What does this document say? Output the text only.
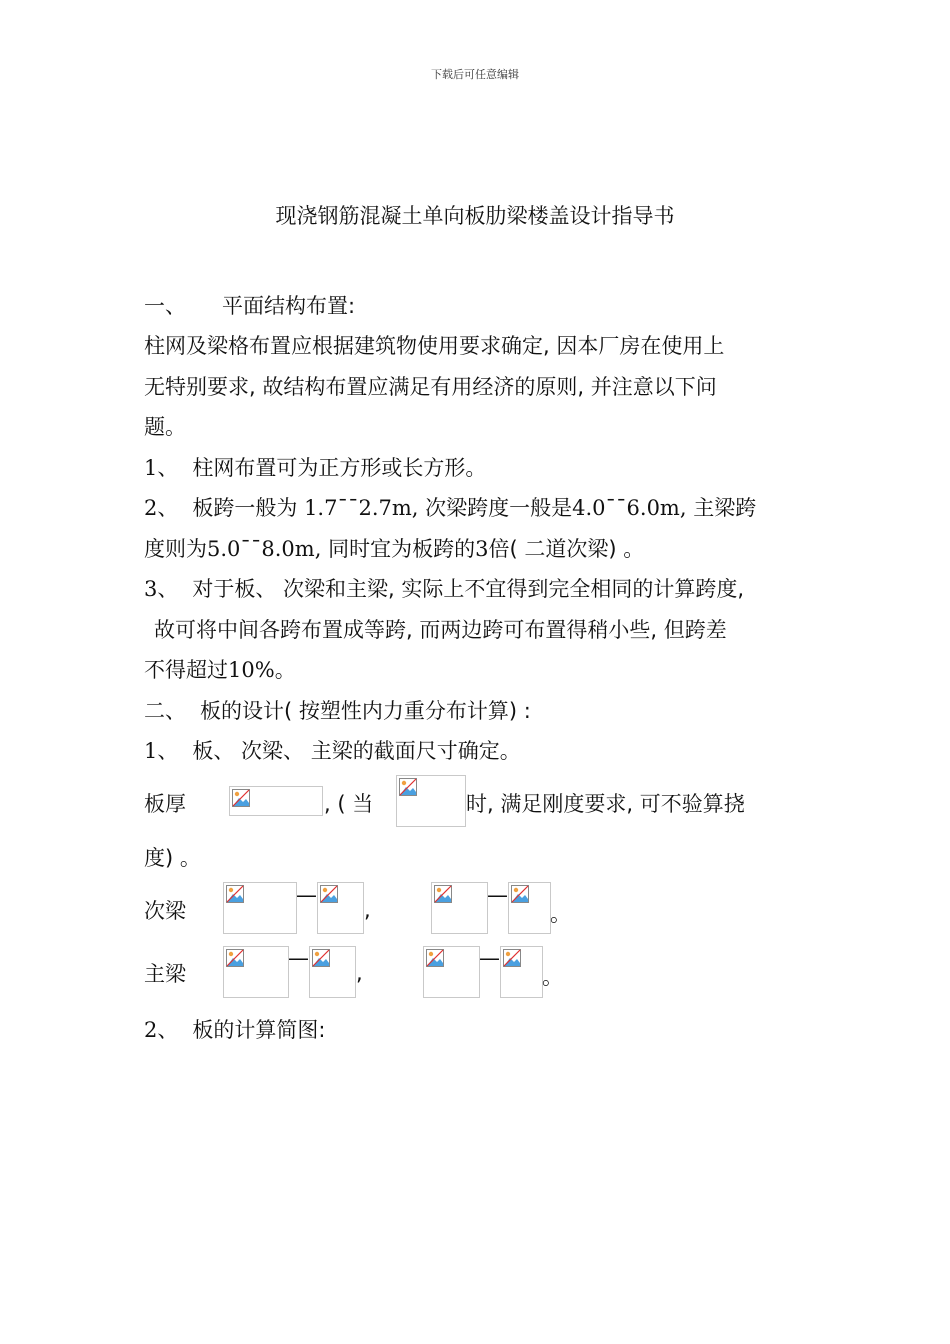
下载后可任意编辑
现浇钢筋混凝土单向板肋梁楼盖设计指导书
一、 平面结构布置:
柱网及梁格布置应根据建筑物使用要求确定, 因本厂房在使用上
无特别要求, 故结构布置应满足有用经济的原则, 并注意以下问
题。
1、 柱网布置可为正方形或长方形。
2、 板跨一般为 1.7¯¯2.7m, 次梁跨度一般是4.0¯¯6.0m, 主梁跨
度则为5.0¯¯8.0m, 同时宜为板跨的3倍( 二道次梁) 。
3、 对于板、 次梁和主梁, 实际上不宜得到完全相同的计算跨度,
故可将中间各跨布置成等跨, 而两边跨可布置得稍小些, 但跨差
不得超过10%。
二、 板的设计( 按塑性内力重分布计算) :
1、 板、 次梁、 主梁的截面尺寸确定。
板厚	, ( 当	时, 满足刚度要求, 可不验算挠
度) 。
次梁
—
,
—
。
主梁
—
,
—
。
2、 板的计算简图:
